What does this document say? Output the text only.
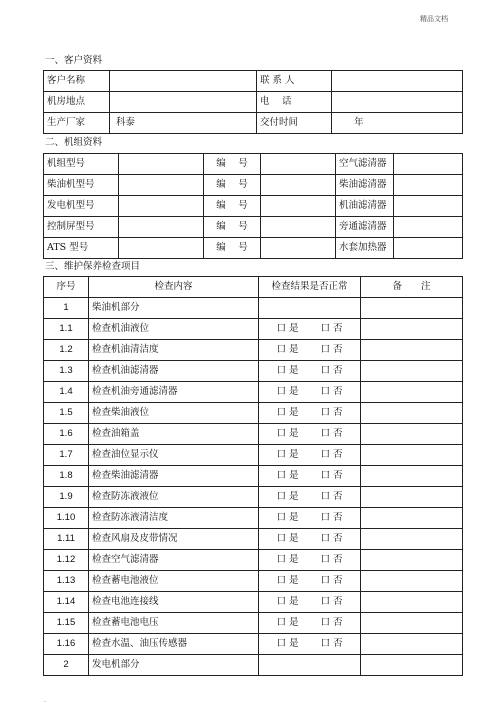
精品文档
一、客户资料
客户名称		联 系 人	
机房地点		电　 话	
生产厂家	科泰	交付时间	年
二、机组资料
机组型号		编　 号		空气滤清器	
柴油机型号		编　 号		柴油滤清器	
发电机型号		编　 号		机油滤清器	
控制屏型号		编　 号		旁通滤清器	
ATS 型号		编　 号		水套加热器	
三、维护保养检查项目
序号	检查内容	检查结果是否正常	备　　注
1	柴油机部分		
1.1	检查机油液位	口 是 口 否	

1.2	检查机油清洁度	口 是 口 否	

1.3	检查机油滤清器	口 是 口 否	

1.4	检查机油旁通滤清器	口 是 口 否	

1.5	检查柴油液位	口 是 口 否	

1.6	检查油箱盖	口 是 口 否	

1.7	检查油位显示仪	口 是 口 否	

1.8	检查柴油滤清器	口 是 口 否	

1.9	检查防冻液液位	口 是 口 否	

1.10	检查防冻液清洁度	口 是 口 否	

1.11	检查风扇及皮带情况	口 是 口 否	

1.12	检查空气滤清器	口 是 口 否	

1.13	检查蓄电池液位	口 是 口 否	

1.14	检查电池连接线	口 是 口 否	

1.15	检查蓄电池电压	口 是 口 否	

1.16	检查水温、油压传感器	口 是 口 否	

2	发电机部分		
.
